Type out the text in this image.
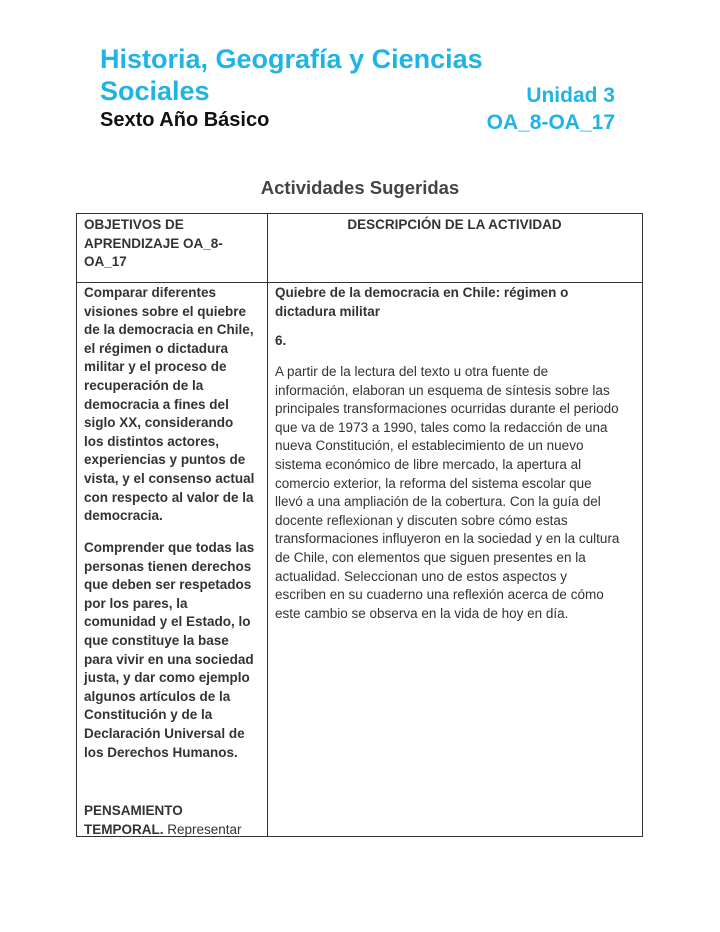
Historia, Geografía y Ciencias
Sociales	Unidad 3
Sexto Año Básico	OA_8-OA_17
Actividades Sugeridas
OBJETIVOS DE
APRENDIZAJE OA_8-
OA_17
DESCRIPCIÓN DE LA ACTIVIDAD
Comparar diferentes
visiones sobre el quiebre
de la democracia en Chile,
el régimen o dictadura
militar y el proceso de
recuperación de la
democracia a fines del
siglo XX, considerando
los distintos actores,
experiencias y puntos de
vista, y el consenso actual
con respecto al valor de la
democracia.
Comprender que todas las
personas tienen derechos
que deben ser respetados
por los pares, la
comunidad y el Estado, lo
que constituye la base
para vivir en una sociedad
justa, y dar como ejemplo
algunos artículos de la
Constitución y de la
Declaración Universal de
los Derechos Humanos.
PENSAMIENTO
TEMPORAL. Representar
Quiebre de la democracia en Chile: régimen o
dictadura militar
6.
A partir de la lectura del texto u otra fuente de
información, elaboran un esquema de síntesis sobre las
principales transformaciones ocurridas durante el periodo
que va de 1973 a 1990, tales como la redacción de una
nueva Constitución, el establecimiento de un nuevo
sistema económico de libre mercado, la apertura al
comercio exterior, la reforma del sistema escolar que
llevó a una ampliación de la cobertura. Con la guía del
docente reflexionan y discuten sobre cómo estas
transformaciones influyeron en la sociedad y en la cultura
de Chile, con elementos que siguen presentes en la
actualidad. Seleccionan uno de estos aspectos y
escriben en su cuaderno una reflexión acerca de cómo
este cambio se observa en la vida de hoy en día.
